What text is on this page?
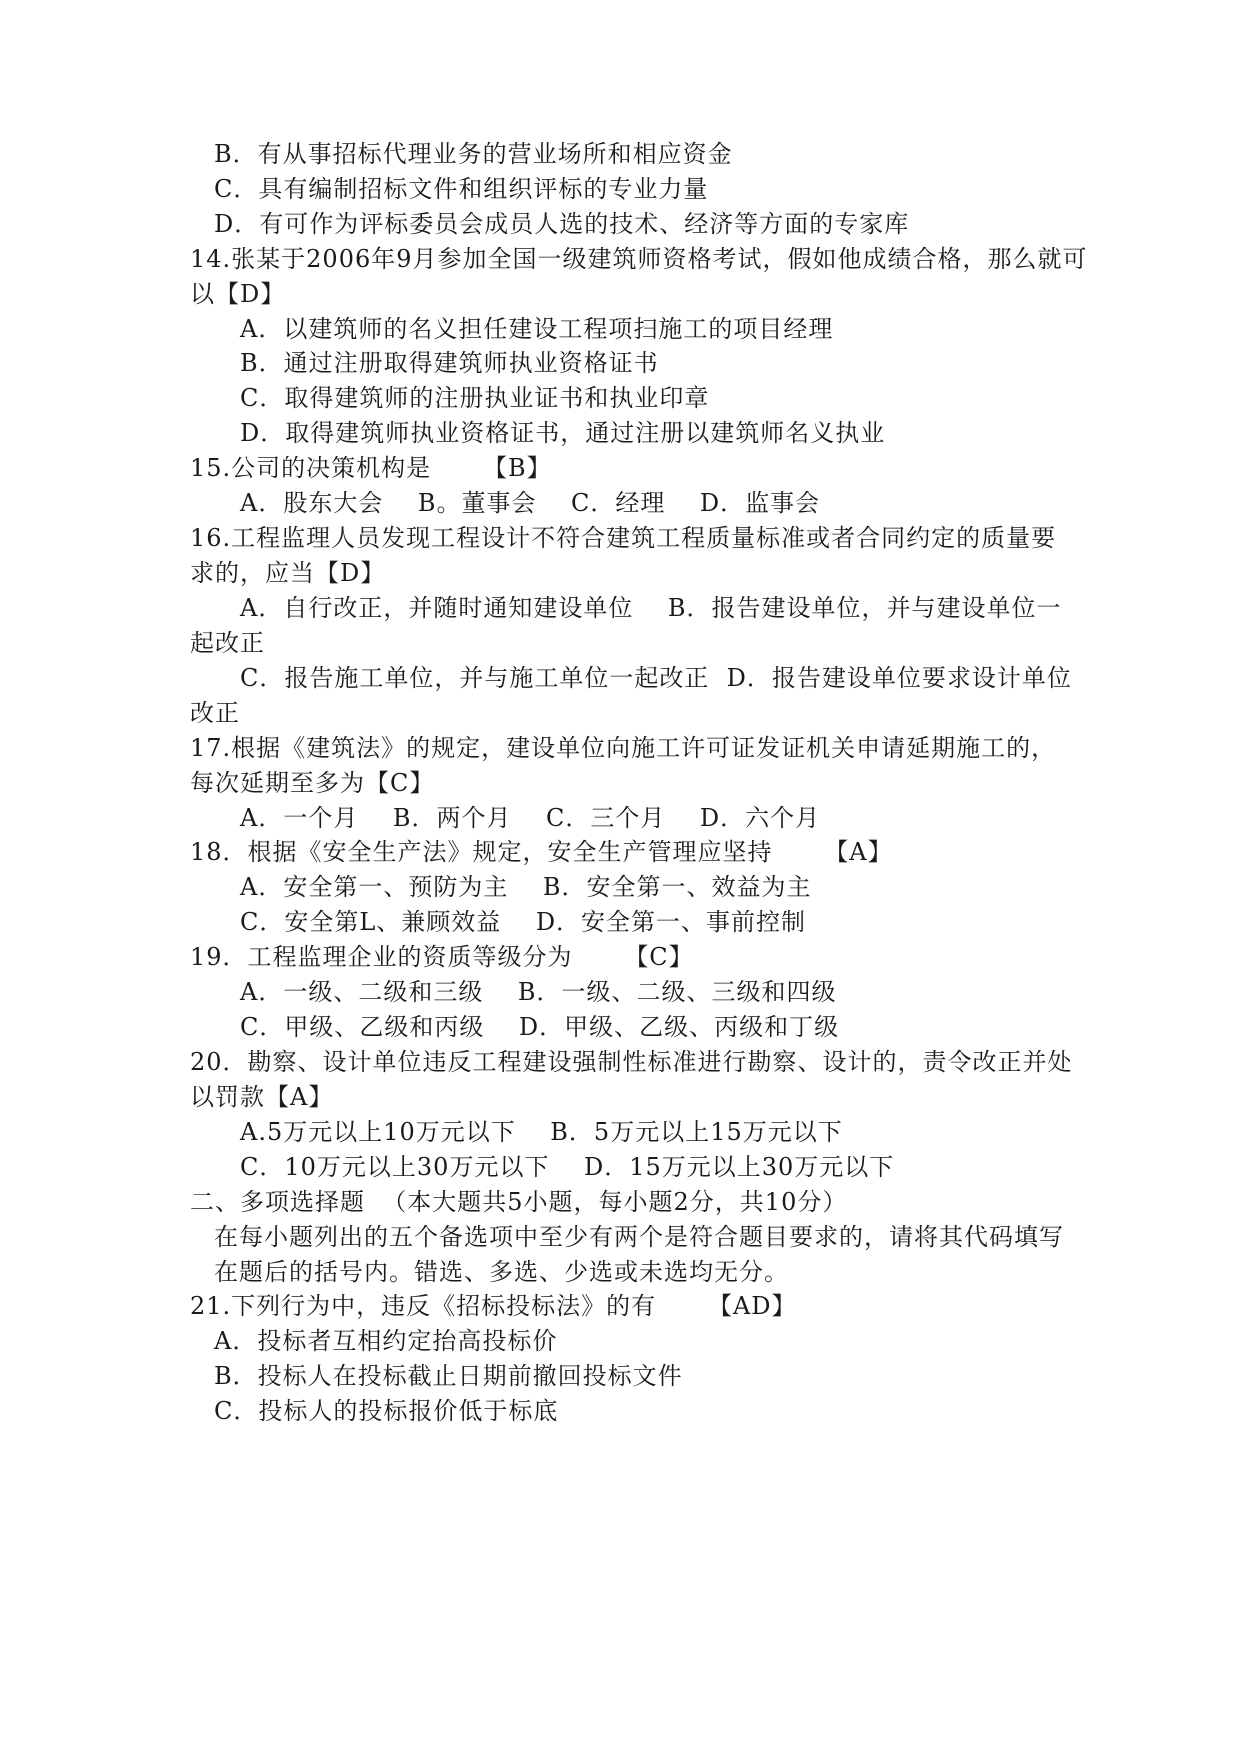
B．有从事招标代理业务的营业场所和相应资金
C．具有编制招标文件和组织评标的专业力量
D．有可作为评标委员会成员人选的技术、经济等方面的专家库
14.张某于2006年9月参加全国一级建筑师资格考试，假如他成绩合格，那么就可
以【D】
A．以建筑师的名义担任建设工程项扫施工的项目经理
B．通过注册取得建筑师执业资格证书
C．取得建筑师的注册执业证书和执业印章
D．取得建筑师执业资格证书，通过注册以建筑师名义执业
15.公司的决策机构是      【B】
A．股东大会    B。董事会    C．经理    D．监事会
16.工程监理人员发现工程设计不符合建筑工程质量标准或者合同约定的质量要
求的，应当【D】
A．自行改正，并随时通知建设单位    B．报告建设单位，并与建设单位一
起改正
C．报告施工单位，并与施工单位一起改正  D．报告建设单位要求设计单位
改正
17.根据《建筑法》的规定，建设单位向施工许可证发证机关申请延期施工的，
每次延期至多为【C】
A．一个月    B．两个月    C．三个月    D．六个月
18．根据《安全生产法》规定，安全生产管理应坚持      【A】
A．安全第一、预防为主    B．安全第一、效益为主
C．安全第L、兼顾效益    D．安全第一、事前控制
19．工程监理企业的资质等级分为      【C】
A．一级、二级和三级    B．一级、二级、三级和四级
C．甲级、乙级和丙级    D．甲级、乙级、丙级和丁级
20．勘察、设计单位违反工程建设强制性标准进行勘察、设计的，责令改正并处
以罚款【A】
A.5万元以上10万元以下    B．5万元以上15万元以下
C．10万元以上30万元以下    D．15万元以上30万元以下
二、多项选择题  （本大题共5小题，每小题2分，共10分）
在每小题列出的五个备选项中至少有两个是符合题目要求的，请将其代码填写
在题后的括号内。错选、多选、少选或未选均无分。
21.下列行为中，违反《招标投标法》的有      【AD】
A．投标者互相约定抬高投标价
B．投标人在投标截止日期前撤回投标文件
C．投标人的投标报价低于标底
